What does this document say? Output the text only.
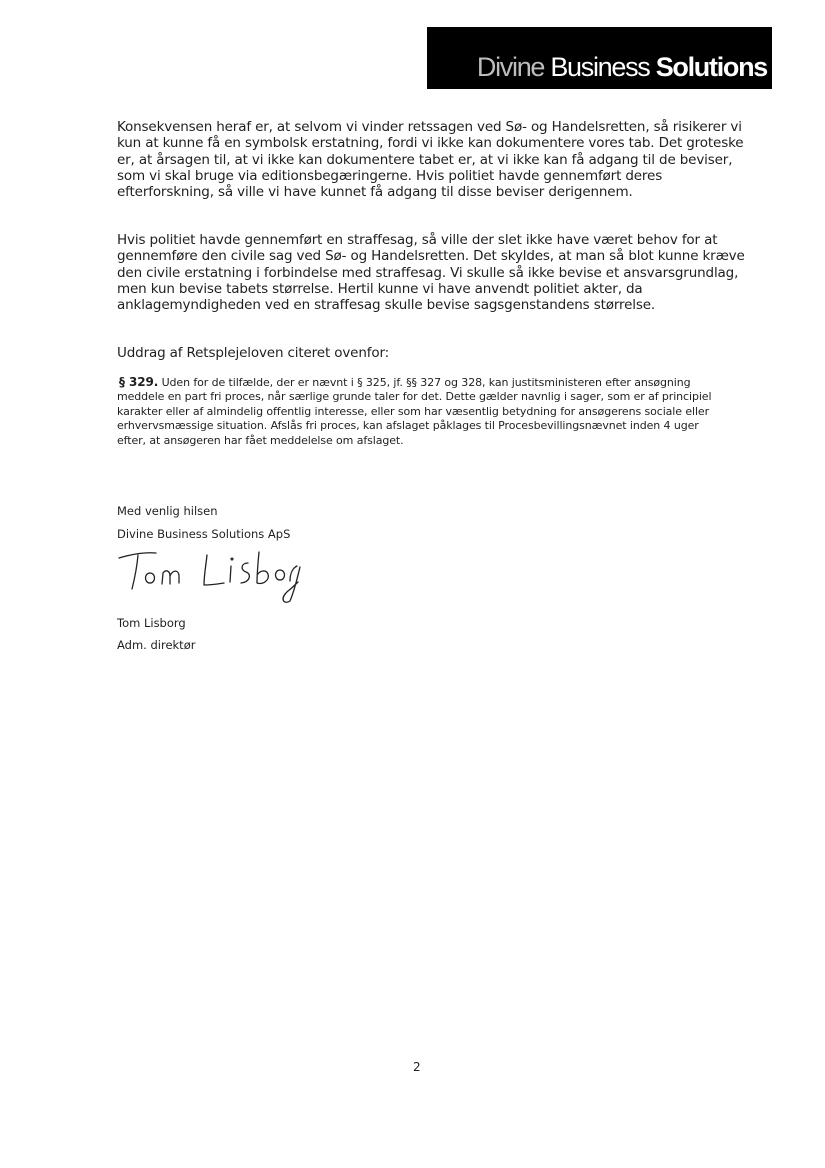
Divine Business Solutions

Konsekvensen heraf er, at selvom vi vinder retssagen ved Sø- og Handelsretten, så risikerer vi kun at kunne få en symbolsk erstatning, fordi vi ikke kan dokumentere vores tab. Det groteske er, at årsagen til, at vi ikke kan dokumentere tabet er, at vi ikke kan få adgang til de beviser, som vi skal bruge via editionsbegæringerne. Hvis politiet havde gennemført deres efterforskning, så ville vi have kunnet få adgang til disse beviser derigennem.

Hvis politiet havde gennemført en straffesag, så ville der slet ikke have været behov for at gennemføre den civile sag ved Sø- og Handelsretten. Det skyldes, at man så blot kunne kræve den civile erstatning i forbindelse med straffesag. Vi skulle så ikke bevise et ansvarsgrundlag, men kun bevise tabets størrelse. Hertil kunne vi have anvendt politiet akter, da anklagemyndigheden ved en straffesag skulle bevise sagsgenstandens størrelse.

Uddrag af Retsplejeloven citeret ovenfor:

§ 329. Uden for de tilfælde, der er nævnt i § 325, jf. §§ 327 og 328, kan justitsministeren efter ansøgning meddele en part fri proces, når særlige grunde taler for det. Dette gælder navnlig i sager, som er af principiel karakter eller af almindelig offentlig interesse, eller som har væsentlig betydning for ansøgerens sociale eller erhvervsmæssige situation. Afslås fri proces, kan afslaget påklages til Procesbevillingsnævnet inden 4 uger efter, at ansøgeren har fået meddelelse om afslaget.

Med venlig hilsen

Divine Business Solutions ApS

Tom Lisborg

Adm. direktør

2
